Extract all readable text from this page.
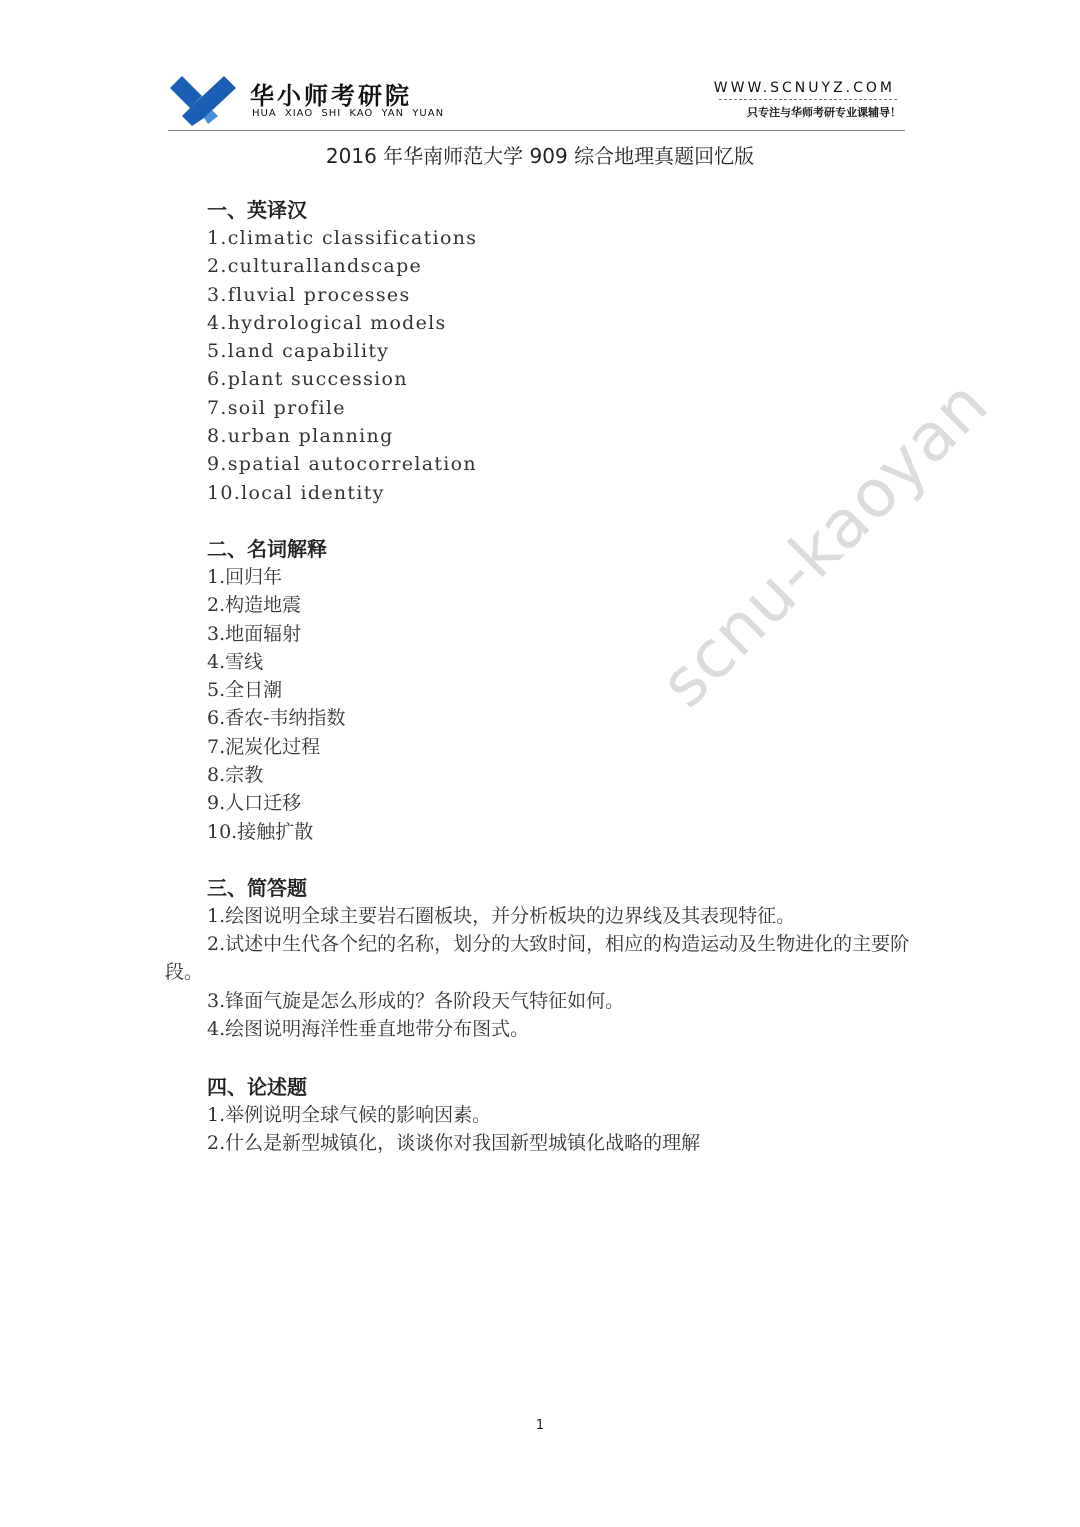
华小师考研院
HUA XIAO SHI KAO YAN YUAN
WWW.SCNUYZ.COM
只专注与华师考研专业课辅导！
2016 年华南师范大学 909 综合地理真题回忆版
一、英译汉
1.climatic classifications
2.culturallandscape
3.fluvial processes
4.hydrological models
5.land capability
6.plant succession
7.soil profile
8.urban planning
9.spatial autocorrelation
10.local identity
二、名词解释
1.回归年
2.构造地震
3.地面辐射
4.雪线
5.全日潮
6.香农-韦纳指数
7.泥炭化过程
8.宗教
9.人口迁移
10.接触扩散
三、简答题

1.绘图说明全球主要岩石圈板块，并分析板块的边界线及其表现特征。

2.试述中生代各个纪的名称，划分的大致时间，相应的构造运动及生物进化的主要阶段。

3.锋面气旋是怎么形成的？各阶段天气特征如何。

4.绘图说明海洋性垂直地带分布图式。

四、论述题

1.举例说明全球气候的影响因素。

2.什么是新型城镇化，谈谈你对我国新型城镇化战略的理解

scnu-kaoyan
1
